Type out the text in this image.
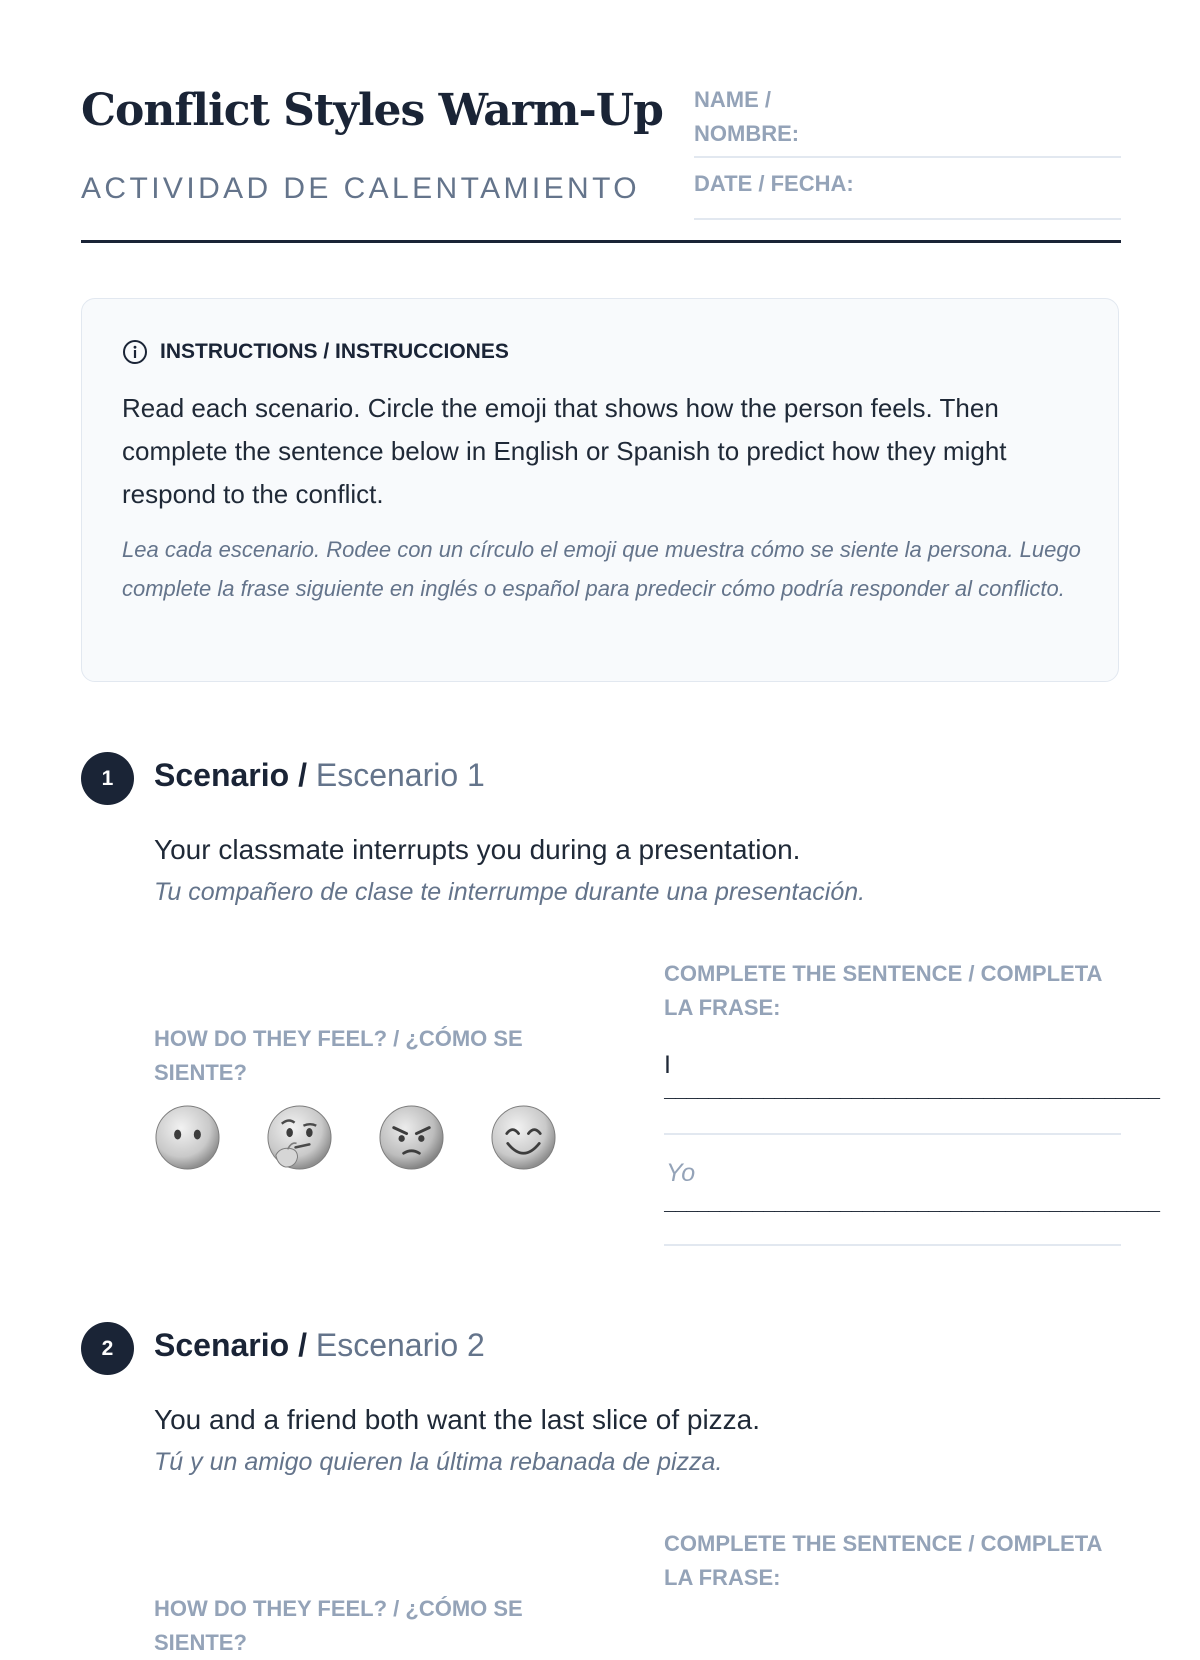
Conflict Styles Warm-Up
ACTIVIDAD DE CALENTAMIENTO
NAME /
NOMBRE:
DATE / FECHA:
INSTRUCTIONS / INSTRUCCIONES
Read each scenario. Circle the emoji that shows how the person feels. Then complete the sentence below in English or Spanish to predict how they might respond to the conflict.
Lea cada escenario. Rodee con un círculo el emoji que muestra cómo se siente la persona. Luego complete la frase siguiente en inglés o español para predecir cómo podría responder al conflicto.
1	Scenario / Escenario 1
Your classmate interrupts you during a presentation.
Tu compañero de clase te interrumpe durante una presentación.
HOW DO THEY FEEL? / ¿CÓMO SE SIENTE?
COMPLETE THE SENTENCE / COMPLETA LA FRASE:
I
_____________________________________________
Yo
_____________________________________________
2	Scenario / Escenario 2
You and a friend both want the last slice of pizza.
Tú y un amigo quieren la última rebanada de pizza.
HOW DO THEY FEEL? / ¿CÓMO SE SIENTE?
COMPLETE THE SENTENCE / COMPLETA LA FRASE:
